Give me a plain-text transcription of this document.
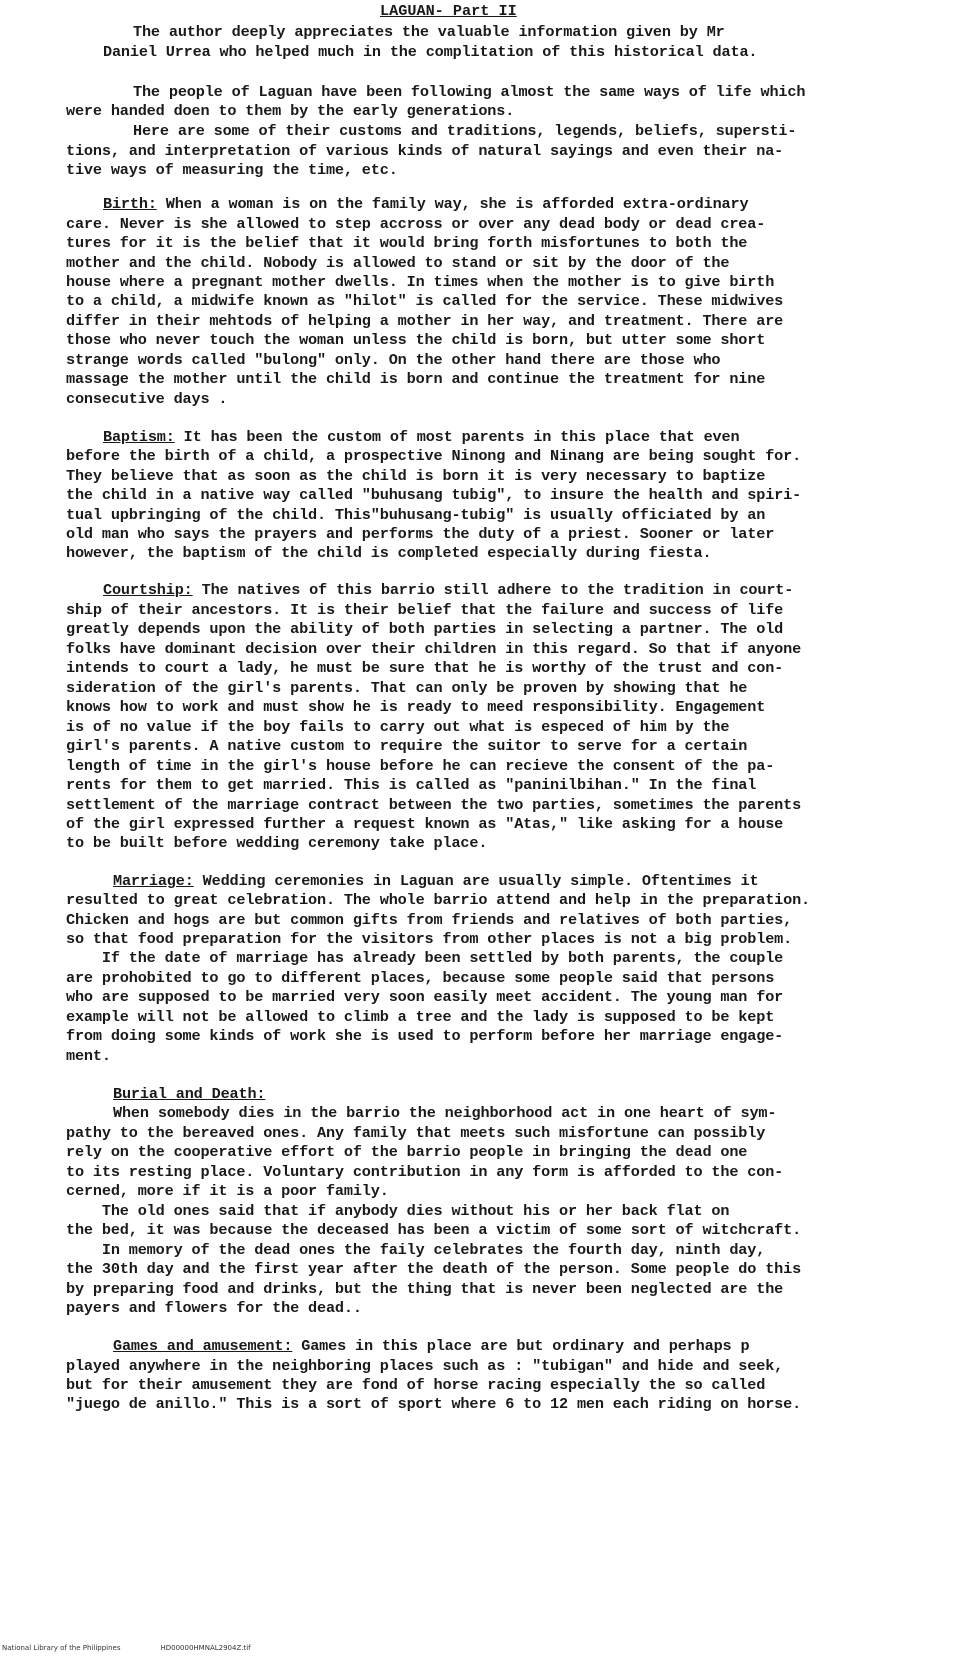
LAGUAN- Part II
The author deeply appreciates the valuable information given by Mr
Daniel Urrea who helped much in the complitation of this historical data.
The people of Laguan have been following almost the same ways of life which
were handed doen to them by the early generations.
Here are some of their customs and traditions, legends, beliefs, supersti-
tions, and interpretation of various kinds of natural sayings and even their na-
tive ways of measuring the time, etc.
Birth: When a woman is on the family way, she is afforded extra-ordinary
care. Never is she allowed to step accross or over any dead body or dead crea-
tures for it is the belief that it would bring forth misfortunes to both the
mother and the child. Nobody is allowed to stand or sit by the door of the
house where a pregnant mother dwells. In times when the mother is to give birth
to a child, a midwife known as "hilot" is called for the service. These midwives
differ in their mehtods of helping a mother in her way, and treatment. There are
those who never touch the woman unless the child is born, but utter some short
strange words called "bulong" only. On the other hand there are those who
massage the mother until the child is born and continue the treatment for nine
consecutive days .
Baptism: It has been the custom of most parents in this place that even
before the birth of a child, a prospective Ninong and Ninang are being sought for.
They believe that as soon as the child is born it is very necessary to baptize
the child in a native way called "buhusang tubig", to insure the health and spiri-
tual upbringing of the child. This"buhusang-tubig" is usually officiated by an
old man who says the prayers and performs the duty of a priest. Sooner or later
however, the baptism of the child is completed especially during fiesta.
Courtship: The natives of this barrio still adhere to the tradition in court-
ship of their ancestors. It is their belief that the failure and success of life
greatly depends upon the ability of both parties in selecting a partner. The old
folks have dominant decision over their children in this regard. So that if anyone
intends to court a lady, he must be sure that he is worthy of the trust and con-
sideration of the girl's parents. That can only be proven by showing that he
knows how to work and must show he is ready to meed responsibility. Engagement
is of no value if the boy fails to carry out what is especed of him by the
girl's parents. A native custom to require the suitor to serve for a certain
length of time in the girl's house before he can recieve the consent of the pa-
rents for them to get married. This is called as "paninilbihan." In the final
settlement of the marriage contract between the two parties, sometimes the parents
of the girl expressed further a request known as "Atas," like asking for a house
to be built before wedding ceremony take place.
Marriage: Wedding ceremonies in Laguan are usually simple. Oftentimes it
resulted to great celebration. The whole barrio attend and help in the preparation.
Chicken and hogs are but common gifts from friends and relatives of both parties,
so that food preparation for the visitors from other places is not a big problem.
If the date of marriage has already been settled by both parents, the couple
are prohobited to go to different places, because some people said that persons
who are supposed to be married very soon easily meet accident. The young man for
example will not be allowed to climb a tree and the lady is supposed to be kept
from doing some kinds of work she is used to perform before her marriage engage-
ment.
Burial and Death:
When somebody dies in the barrio the neighborhood act in one heart of sym-
pathy to the bereaved ones. Any family that meets such misfortune can possibly
rely on the cooperative effort of the barrio people in bringing the dead one
to its resting place. Voluntary contribution in any form is afforded to the con-
cerned, more if it is a poor family.
The old ones said that if anybody dies without his or her back flat on
the bed, it was because the deceased has been a victim of some sort of witchcraft.
In memory of the dead ones the faily celebrates the fourth day, ninth day,
the 30th day and the first year after the death of the person. Some people do this
by preparing food and drinks, but the thing that is never been neglected are the
payers and flowers for the dead..
Games and amusement: Games in this place are but ordinary and perhaps p
played anywhere in the neighboring places such as : "tubigan" and hide and seek,
but for their amusement they are fond of horse racing especially the so called
"juego de anillo." This is a sort of sport where 6 to 12 men each riding on horse.
National Library of the Philippines	HD00000HMNAL2904Z.tif
